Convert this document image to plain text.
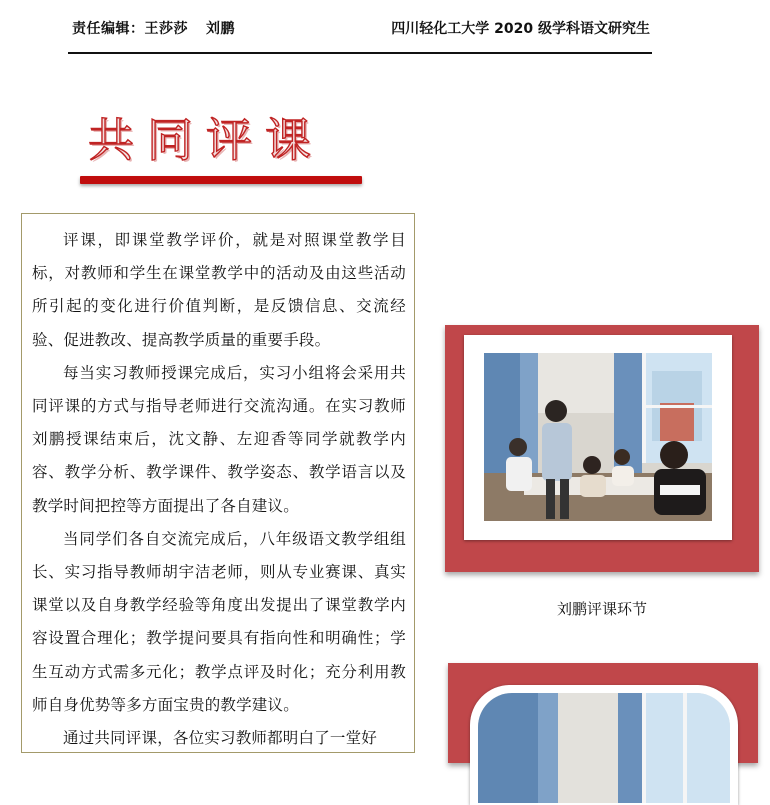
责任编辑：王莎莎 刘鹏	四川轻化工大学 2020 级学科语文研究生
共同评课

评课，即课堂教学评价，就是对照课堂教学目标，对教师和学生在课堂教学中的活动及由这些活动所引起的变化进行价值判断，是反馈信息、交流经验、促进教改、提高教学质量的重要手段。

每当实习教师授课完成后，实习小组将会采用共同评课的方式与指导老师进行交流沟通。在实习教师刘鹏授课结束后，沈文静、左迎香等同学就教学内容、教学分析、教学课件、教学姿态、教学语言以及教学时间把控等方面提出了各自建议。

当同学们各自交流完成后，八年级语文教学组组长、实习指导教师胡宇洁老师，则从专业赛课、真实课堂以及自身教学经验等角度出发提出了课堂教学内容设置合理化；教学提问要具有指向性和明确性；学生互动方式需多元化；教学点评及时化；充分利用教师自身优势等多方面宝贵的教学建议。

通过共同评课，各位实习教师都明白了一堂好

刘鹏评课环节
